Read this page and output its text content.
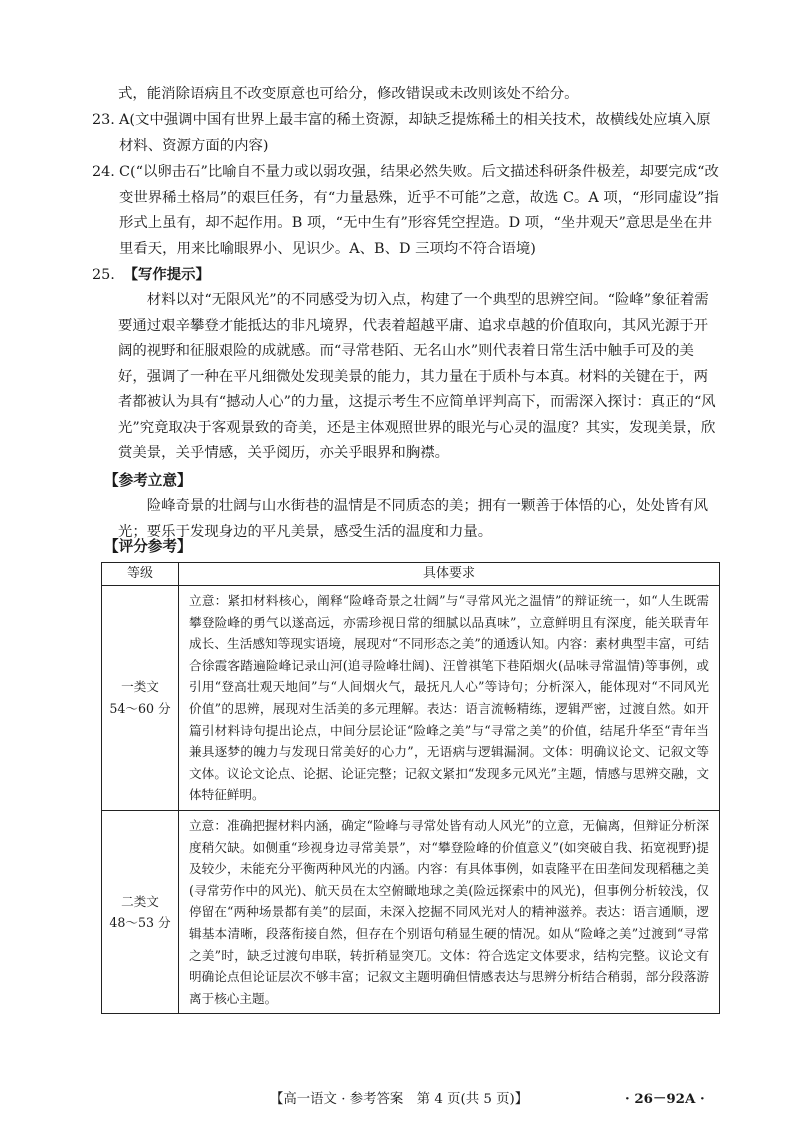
式，能消除语病且不改变原意也可给分，修改错误或未改则该处不给分。

23. A(文中强调中国有世界上最丰富的稀土资源，却缺乏提炼稀土的相关技术，故横线处应填入原材料、资源方面的内容)
24. C(“以卵击石”比喻自不量力或以弱攻强，结果必然失败。后文描述科研条件极差，却要完成“改变世界稀土格局”的艰巨任务，有“力量悬殊，近乎不可能”之意，故选 C。A 项，“形同虚设”指形式上虽有，却不起作用。B 项，“无中生有”形容凭空捏造。D 项，“坐井观天”意思是坐在井里看天，用来比喻眼界小、见识少。A、B、D 三项均不符合语境)
25. 【写作提示】

材料以对“无限风光”的不同感受为切入点，构建了一个典型的思辨空间。“险峰”象征着需要通过艰辛攀登才能抵达的非凡境界，代表着超越平庸、追求卓越的价值取向，其风光源于开阔的视野和征服艰险的成就感。而“寻常巷陌、无名山水”则代表着日常生活中触手可及的美好，强调了一种在平凡细微处发现美景的能力，其力量在于质朴与本真。材料的关键在于，两者都被认为具有“撼动人心”的力量，这提示考生不应简单评判高下，而需深入探讨：真正的“风光”究竟取决于客观景致的奇美，还是主体观照世界的眼光与心灵的温度？其实，发现美景，欣赏美景，关乎情感，关乎阅历，亦关乎眼界和胸襟。

【参考立意】

险峰奇景的壮阔与山水街巷的温情是不同质态的美；拥有一颗善于体悟的心，处处皆有风光；要乐于发现身边的平凡美景，感受生活的温度和力量。

【评分参考】

等级	具体要求

一类文
54～60 分	立意：紧扣材料核心，阐释“险峰奇景之壮阔”与“寻常风光之温情”的辩证统一，如“人生既需攀登险峰的勇气以遂高远，亦需珍视日常的细腻以品真味”，立意鲜明且有深度，能关联青年成长、生活感知等现实语境，展现对“不同形态之美”的通透认知。内容：素材典型丰富，可结合徐霞客踏遍险峰记录山河(追寻险峰壮阔)、汪曾祺笔下巷陌烟火(品味寻常温情)等事例，或引用“登高壮观天地间”与“人间烟火气，最抚凡人心”等诗句；分析深入，能体现对“不同风光价值”的思辨，展现对生活美的多元理解。表达：语言流畅精练，逻辑严密，过渡自然。如开篇引材料诗句提出论点，中间分层论证“险峰之美”与“寻常之美”的价值，结尾升华至“青年当兼具逐梦的魄力与发现日常美好的心力”，无语病与逻辑漏洞。文体：明确议论文、记叙文等文体。议论文论点、论据、论证完整；记叙文紧扣“发现多元风光”主题，情感与思辨交融，文体特征鲜明。

二类文
48～53 分	立意：准确把握材料内涵，确定“险峰与寻常处皆有动人风光”的立意，无偏离，但辩证分析深度稍欠缺。如侧重“珍视身边寻常美景”，对“攀登险峰的价值意义”(如突破自我、拓宽视野)提及较少，未能充分平衡两种风光的内涵。内容：有具体事例，如袁隆平在田垄间发现稻穗之美(寻常劳作中的风光)、航天员在太空俯瞰地球之美(险远探索中的风光)，但事例分析较浅，仅停留在“两种场景都有美”的层面，未深入挖掘不同风光对人的精神滋养。表达：语言通顺，逻辑基本清晰，段落衔接自然，但存在个别语句稍显生硬的情况。如从“险峰之美”过渡到“寻常之美”时，缺乏过渡句串联，转折稍显突兀。文体：符合选定文体要求，结构完整。议论文有明确论点但论证层次不够丰富；记叙文主题明确但情感表达与思辨分析结合稍弱，部分段落游离于核心主题。
【高一语文 · 参考答案　第 4 页(共 5 页)】	· 26－92A ·
